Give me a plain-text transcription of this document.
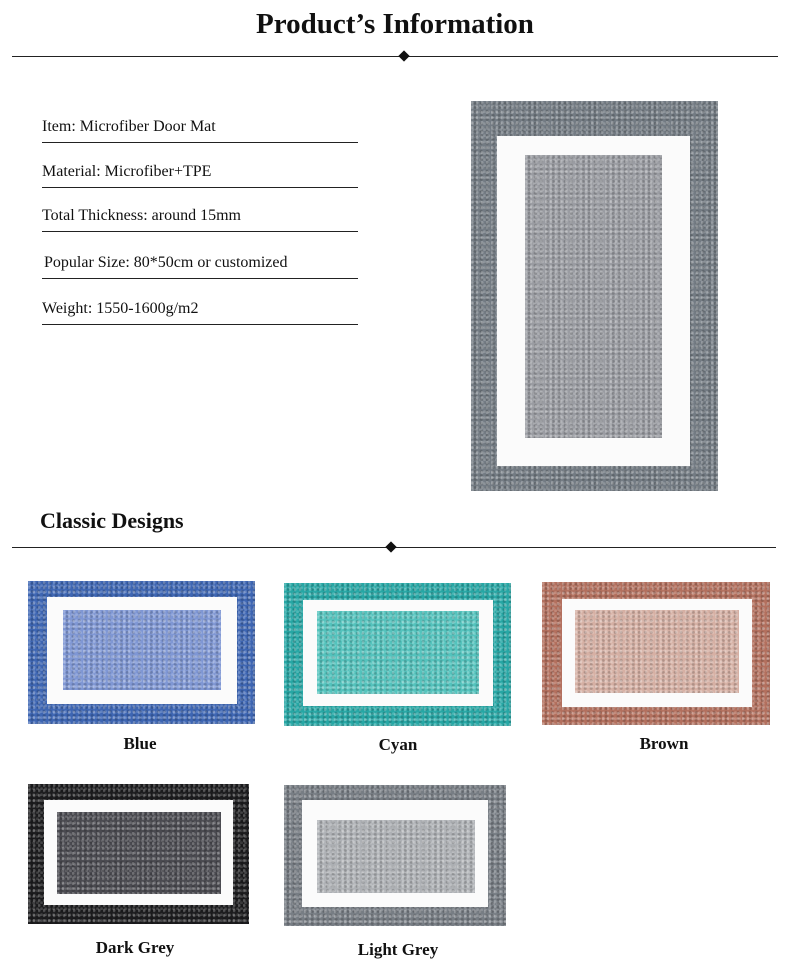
Product’s Information
Item: Microfiber Door Mat
Material: Microfiber+TPE
Total Thickness: around 15mm
Popular Size: 80*50cm or customized
Weight: 1550-1600g/m2
Classic Designs
Blue	Cyan	Brown
Dark Grey	Light Grey
